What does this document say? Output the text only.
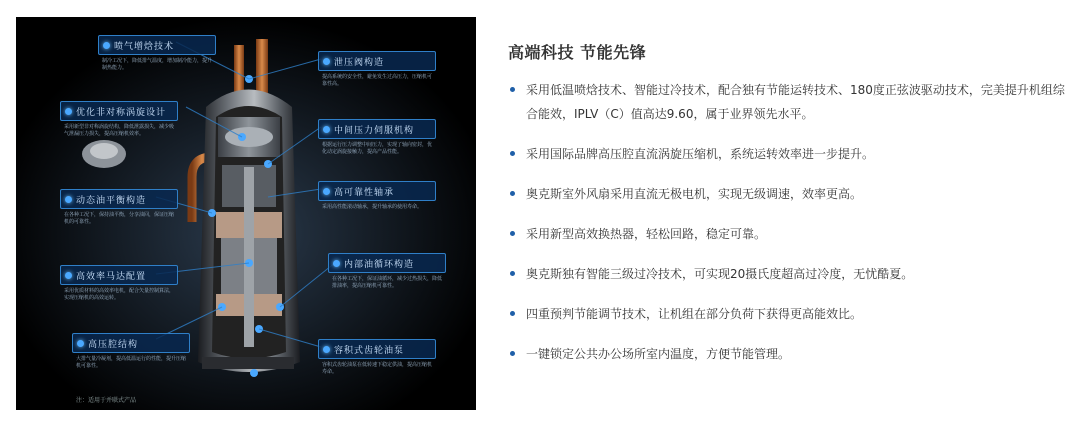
喷气增焓技术
制冷工况下，降低排气温度，增加制冷能力，提升制热能力。
优化非对称涡旋设计
采用新型非对称涡旋结构，降低泄露损失，减少吸气泄漏压力损失，提高压缩机效率。
动态油平衡构造
在各种工况下，保持油平衡，分享油回，保证压缩机的可靠性。
高效率马达配置
采用优质材料的高效率电机，配合矢量控制算法，实现压缩机的高效运转。
高压腔结构
大排气量冷凝剂，提高低温运行的性能，提升压缩机可靠性。
泄压阀构造
提高系统的安全性，避免发生过高压力，压缩机可靠性高。
中间压力伺服机构
根据运行压力调整中间压力，实现了轴向密封，优化动定涡旋接触力，提高产品性能。
高可靠性轴承
采用高性能滚动轴承，提升轴承的使用寿命。
内部油循环构造
在各种工况下，保证油循环，减少过热损失，降低排油率，提高压缩机可靠性。
容积式齿轮油泵
容积式齿轮油泵在低转速下稳定供油，提高压缩机寿命。
注：适用于并联式产品
高端科技 节能先锋
采用低温喷焓技术、智能过冷技术，配合独有节能运转技术、180度正弦波驱动技术，完美提升机组综合能效，IPLV（C）值高达9.60，属于业界领先水平。
采用国际品牌高压腔直流涡旋压缩机，系统运转效率进一步提升。
奥克斯室外风扇采用直流无极电机，实现无级调速，效率更高。
采用新型高效换热器，轻松回路，稳定可靠。
奥克斯独有智能三级过冷技术，可实现20摄氏度超高过冷度，无忧酷夏。
四重预判节能调节技术，让机组在部分负荷下获得更高能效比。
一键锁定公共办公场所室内温度，方便节能管理。
